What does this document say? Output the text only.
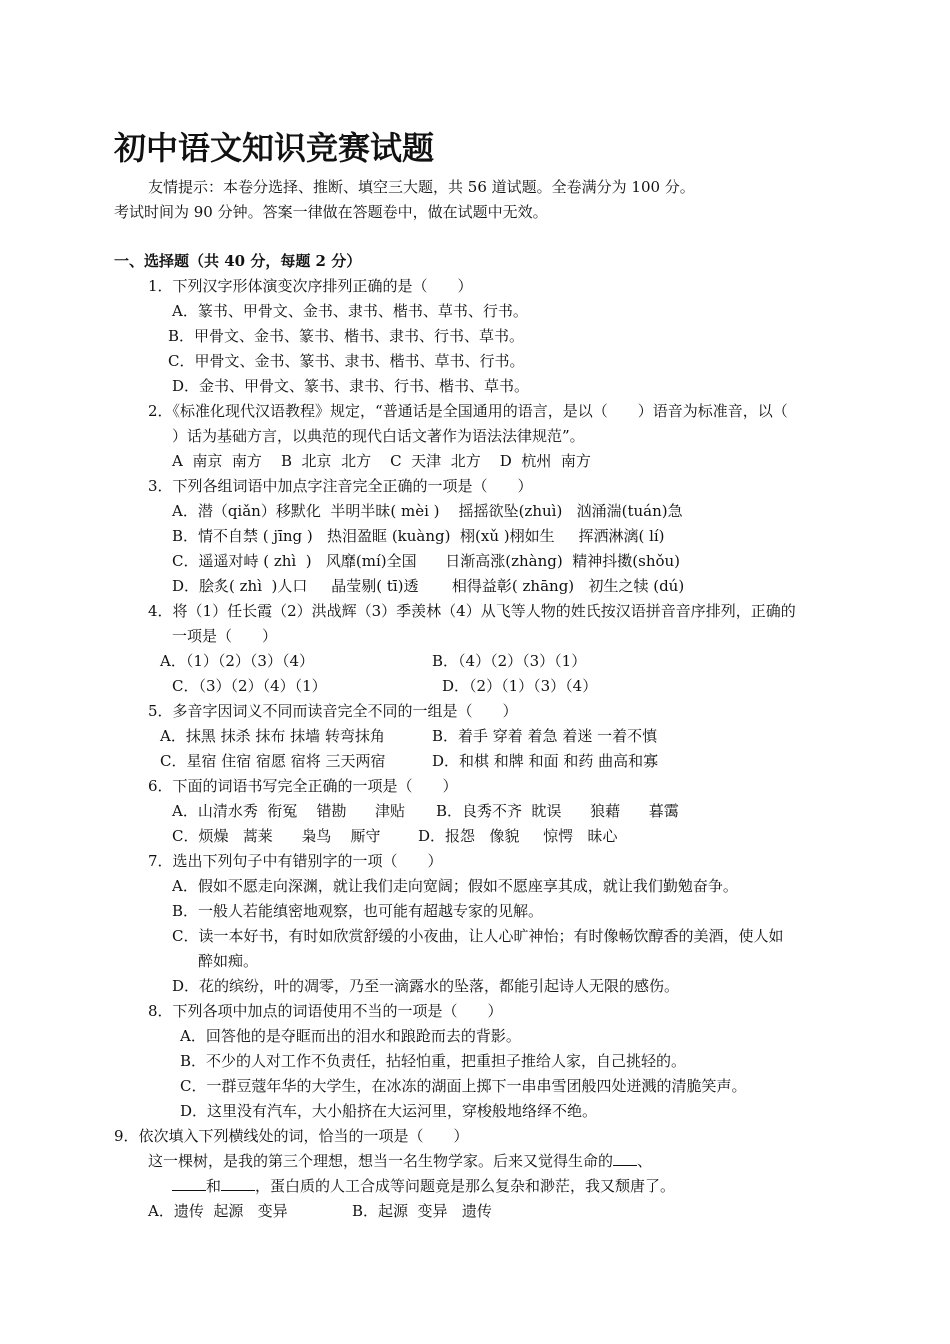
初中语文知识竞赛试题
友情提示：本卷分选择、推断、填空三大题，共 56 道试题。全卷满分为 100 分。
考试时间为 90 分钟。答案一律做在答题卷中，做在试题中无效。
一、选择题（共 40 分，每题 2 分）
1．下列汉字形体演变次序排列正确的是（　　）
A．篆书、甲骨文、金书、隶书、楷书、草书、行书。
B．甲骨文、金书、篆书、楷书、隶书、行书、草书。
C．甲骨文、金书、篆书、隶书、楷书、草书、行书。
D．金书、甲骨文、篆书、隶书、行书、楷书、草书。
2．《标准化现代汉语教程》规定，“普通话是全国通用的语言，是以（　　）语音为标准音，以（
）话为基础方言，以典范的现代白话文著作为语法法律规范”。
A  南京  南方    B  北京  北方    C  天津  北方    D  杭州  南方
3．下列各组词语中加点字注音完全正确的一项是（　　）
A．潜（qiǎn）移默化  半明半昧( mèi )    摇摇欲坠(zhuì)   汹涌湍(tuán)急
B．情不自禁 ( jīng )   热泪盈眶 (kuàng)  栩(xǔ )栩如生     挥洒淋漓( lí)
C．遥遥对峙 ( zhì  )   风靡(mí)全国      日渐高涨(zhàng)  精神抖擞(shǒu)
D．脍炙( zhì  )人口     晶莹剔( tī)透       相得益彰( zhāng)   初生之犊 (dú)
4．将（1）任长霞（2）洪战辉（3）季羡林（4）从飞等人物的姓氏按汉语拼音音序排列，正确的
一项是（　　）
A．（1）（2）（3）（4）	B．（4）（2）（3）（1）
C．（3）（2）（4）（1）	D．（2）（1）（3）（4）
5．多音字因词义不同而读音完全不同的一组是（　　）
A．抹黑 抹杀 抹布 抹墙 转弯抹角	B．着手 穿着 着急 着迷 一着不慎
C．星宿 住宿 宿愿 宿将 三天两宿	D．和棋 和牌 和面 和药 曲高和寡
6．下面的词语书写完全正确的一项是（　　）
A．山清水秀  衔冤    错勘      津贴 B．良秀不齐  眈误      狼藉      暮霭
C．烦燥   蒿莱      枭鸟    厮守	D．报怨   像貌     惊愕   昧心
7．选出下列句子中有错别字的一项（　　）
A．假如不愿走向深渊，就让我们走向宽阔；假如不愿座享其成，就让我们勤勉奋争。
B．一般人若能缜密地观察，也可能有超越专家的见解。
C．读一本好书，有时如欣赏舒缓的小夜曲，让人心旷神怡；有时像畅饮醇香的美酒，使人如
醉如痴。
D．花的缤纷，叶的凋零，乃至一滴露水的坠落，都能引起诗人无限的感伤。
8．下列各项中加点的词语使用不当的一项是（　　）
A．回答他的是夺眶而出的泪水和踉跄而去的背影。
B．不少的人对工作不负责任，拈轻怕重，把重担子推给人家，自己挑轻的。
C．一群豆蔻年华的大学生，在冰冻的湖面上掷下一串串雪团般四处迸溅的清脆笑声。
D．这里没有汽车，大小船挤在大运河里，穿梭般地络绎不绝。
9．依次填入下列横线处的词，恰当的一项是（　　）
这一棵树，是我的第三个理想，想当一名生物学家。后来又觉得生命的 、
和 ，蛋白质的人工合成等问题竟是那么复杂和渺茫，我又颓唐了。
A．遗传  起源   变异	B．起源  变异   遗传
